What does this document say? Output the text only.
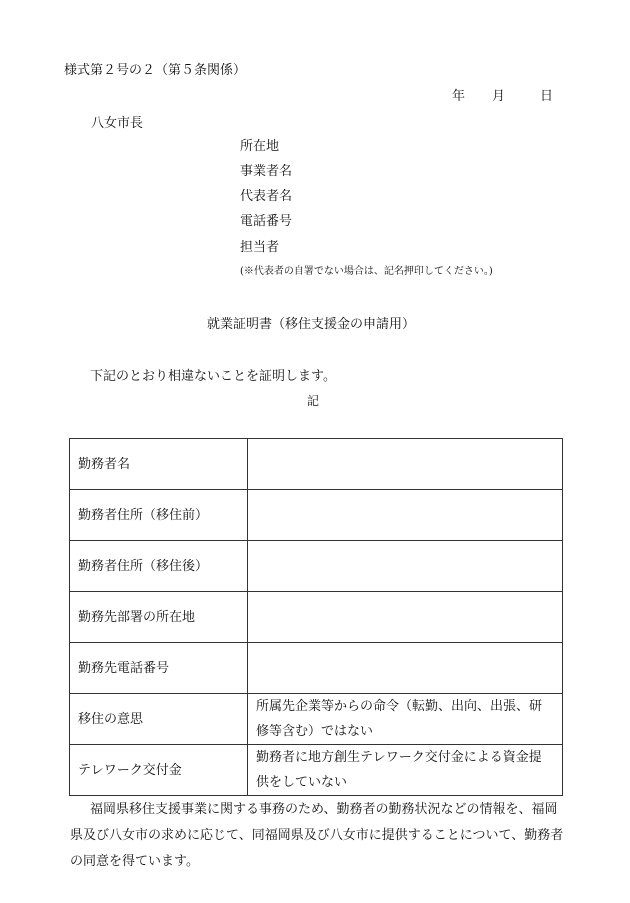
様式第２号の２（第５条関係）
年 月	日
八女市長
所在地
事業者名
代表者名
電話番号
担当者
(※代表者の自署でない場合は、記名押印してください。)
就業証明書（移住支援金の申請用）
下記のとおり相違ないことを証明します。
記
勤務者名	
勤務者住所（移住前）	
勤務者住所（移住後）	
勤務先部署の所在地	
勤務先電話番号	
移住の意思	所属先企業等からの命令（転勤、出向、出張、研修等含む）ではない
テレワーク交付金	勤務者に地方創生テレワーク交付金による資金提供をしていない
福岡県移住支援事業に関する事務のため、勤務者の勤務状況などの情報を、福岡県及び八女市の求めに応じて、同福岡県及び八女市に提供することについて、勤務者の同意を得ています。
